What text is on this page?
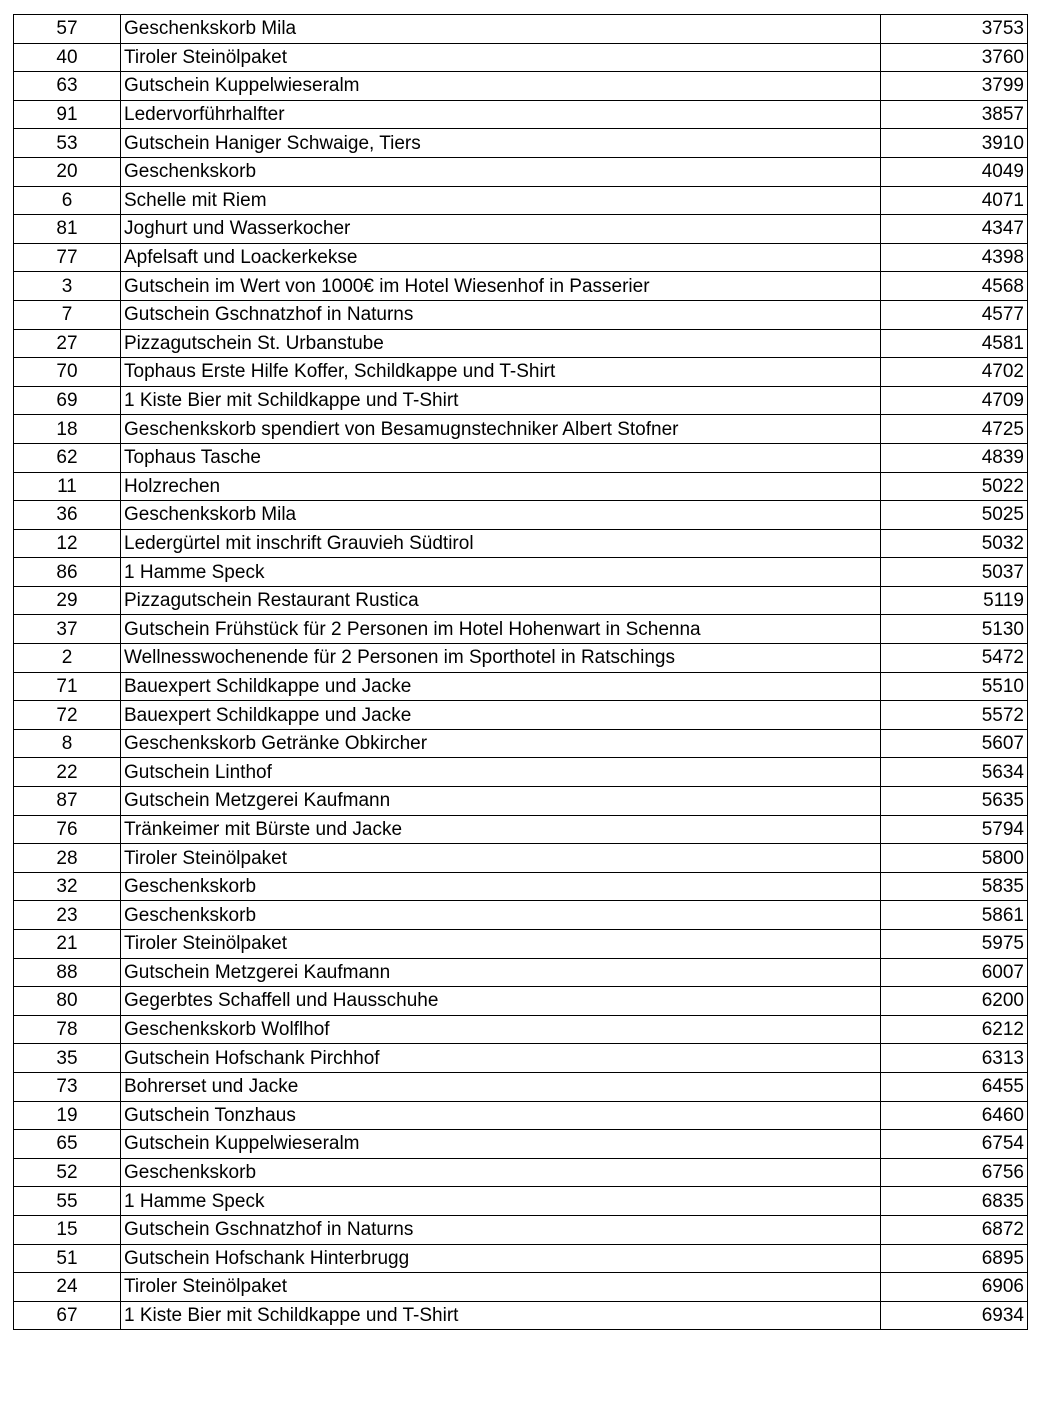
57	Geschenkskorb Mila	3753
40	Tiroler Steinölpaket	3760
63	Gutschein Kuppelwieseralm	3799
91	Ledervorführhalfter	3857
53	Gutschein Haniger Schwaige, Tiers	3910
20	Geschenkskorb	4049
6	Schelle mit Riem	4071
81	Joghurt und Wasserkocher	4347
77	Apfelsaft und Loackerkekse	4398
3	Gutschein im Wert von 1000€ im Hotel Wiesenhof in Passerier	4568
7	Gutschein Gschnatzhof in Naturns	4577
27	Pizzagutschein St. Urbanstube	4581
70	Tophaus Erste Hilfe Koffer, Schildkappe und T-Shirt	4702
69	1 Kiste Bier mit Schildkappe und T-Shirt	4709
18	Geschenkskorb spendiert von Besamugnstechniker Albert Stofner	4725
62	Tophaus Tasche	4839
11	Holzrechen	5022
36	Geschenkskorb Mila	5025
12	Ledergürtel mit inschrift Grauvieh Südtirol	5032
86	1 Hamme Speck	5037
29	Pizzagutschein Restaurant Rustica	5119
37	Gutschein Frühstück für 2 Personen im Hotel Hohenwart in Schenna	5130
2	Wellnesswochenende für 2 Personen im Sporthotel in Ratschings	5472
71	Bauexpert Schildkappe und Jacke	5510
72	Bauexpert Schildkappe und Jacke	5572
8	Geschenkskorb Getränke Obkircher	5607
22	Gutschein Linthof	5634
87	Gutschein Metzgerei Kaufmann	5635
76	Tränkeimer mit Bürste und Jacke	5794
28	Tiroler Steinölpaket	5800
32	Geschenkskorb	5835
23	Geschenkskorb	5861
21	Tiroler Steinölpaket	5975
88	Gutschein Metzgerei Kaufmann	6007
80	Gegerbtes Schaffell und Hausschuhe	6200
78	Geschenkskorb Wolflhof	6212
35	Gutschein Hofschank Pirchhof	6313
73	Bohrerset und Jacke	6455
19	Gutschein Tonzhaus	6460
65	Gutschein Kuppelwieseralm	6754
52	Geschenkskorb	6756
55	1 Hamme Speck	6835
15	Gutschein Gschnatzhof in Naturns	6872
51	Gutschein Hofschank Hinterbrugg	6895
24	Tiroler Steinölpaket	6906
67	1 Kiste Bier mit Schildkappe und T-Shirt	6934
